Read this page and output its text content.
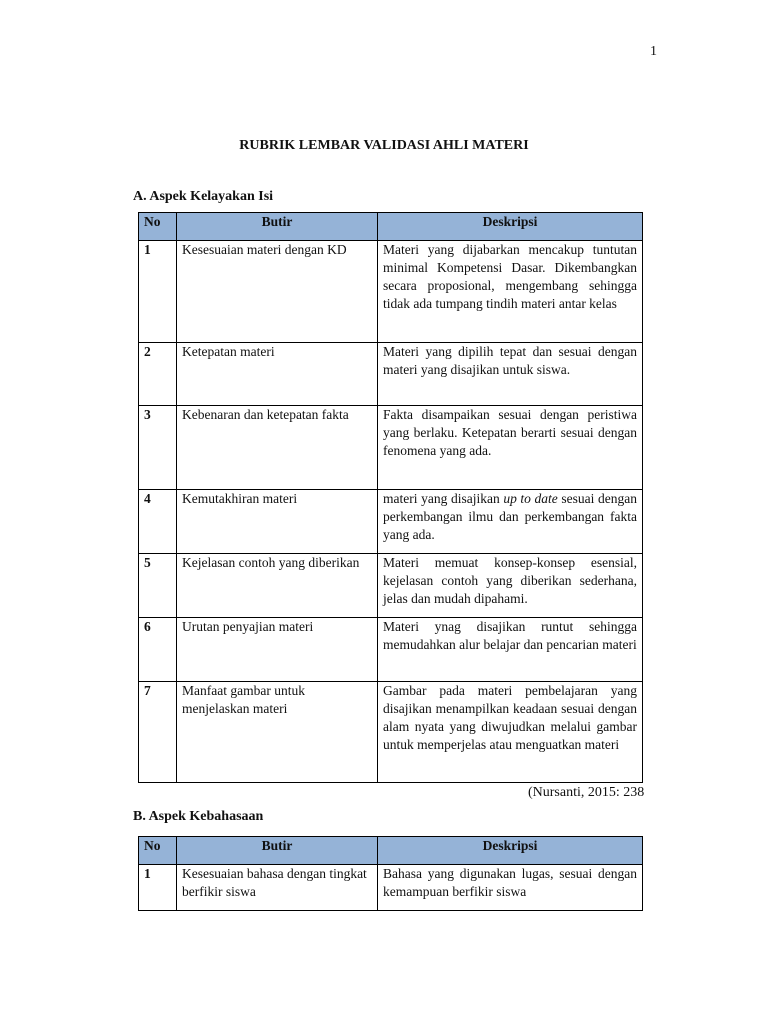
1
RUBRIK LEMBAR VALIDASI AHLI MATERI
A. Aspek Kelayakan Isi
No	Butir	Deskripsi
1	Kesesuaian materi dengan KD	Materi yang dijabarkan mencakup tuntutan minimal Kompetensi Dasar. Dikembangkan secara proposional, mengembang sehingga tidak ada tumpang tindih materi antar kelas
2	Ketepatan materi	Materi yang dipilih tepat dan sesuai dengan materi yang disajikan untuk siswa.
3	Kebenaran dan ketepatan fakta	Fakta disampaikan sesuai dengan peristiwa yang berlaku. Ketepatan berarti sesuai dengan fenomena yang ada.
4	Kemutakhiran materi	materi yang disajikan up to date sesuai dengan perkembangan ilmu dan perkembangan fakta yang ada.
5	Kejelasan contoh yang diberikan	Materi memuat konsep-konsep esensial, kejelasan contoh yang diberikan sederhana, jelas dan mudah dipahami.
6	Urutan penyajian materi	Materi ynag disajikan runtut sehingga memudahkan alur belajar dan pencarian materi
7	Manfaat gambar untuk menjelaskan materi	Gambar pada materi pembelajaran yang disajikan menampilkan keadaan sesuai dengan alam nyata yang diwujudkan melalui gambar untuk memperjelas atau menguatkan materi
(Nursanti, 2015: 238
B. Aspek Kebahasaan
No	Butir	Deskripsi
1	Kesesuaian bahasa dengan tingkat berfikir siswa	Bahasa yang digunakan lugas, sesuai dengan kemampuan berfikir siswa
